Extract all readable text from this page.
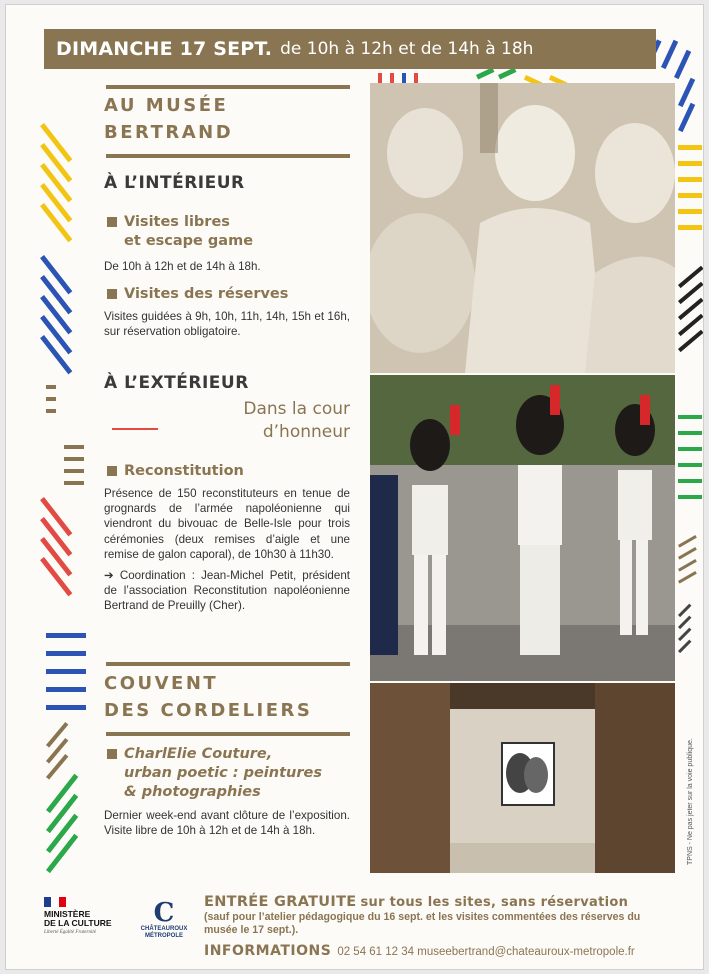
DIMANCHE 17 SEPT. de 10h à 12h et de 14h à 18h
AU MUSÉE
BERTRAND
À L’INTÉRIEUR
Visites libres
et escape game
De 10h à 12h et de 14h à 18h.
Visites des réserves
Visites guidées à 9h, 10h, 11h, 14h, 15h et 16h, sur réservation obligatoire.
À L’EXTÉRIEUR
Dans la cour
d’honneur
Reconstitution
Présence de 150 reconstituteurs en tenue de grognards de l’armée napoléonienne qui viendront du bivouac de Belle-Isle pour trois cérémonies (deux remises d’aigle et une remise de galon caporal), de 10h30 à 11h30.
➔ Coordination : Jean-Michel Petit, président de l’association Reconstitution napoléonienne Bertrand de Preuilly (Cher).
COUVENT
DES CORDELIERS
CharlElie Couture,
urban poetic : peintures
& photographies
Dernier week-end avant clôture de l’exposition. Visite libre de 10h à 12h et de 14h à 18h.
MINISTÈRE
DE LA CULTURE
Liberté Égalité Fraternité
C
CHÂTEAUROUX
MÉTROPOLE
ENTRÉE GRATUITE sur tous les sites, sans réservation
(sauf pour l’atelier pédagogique du 16 sept. et les visites commentées des réserves du musée le 17 sept.).
INFORMATIONS 02 54 61 12 34 museebertrand@chateauroux-metropole.fr
TPNS - Ne pas jeter sur la voie publique.
